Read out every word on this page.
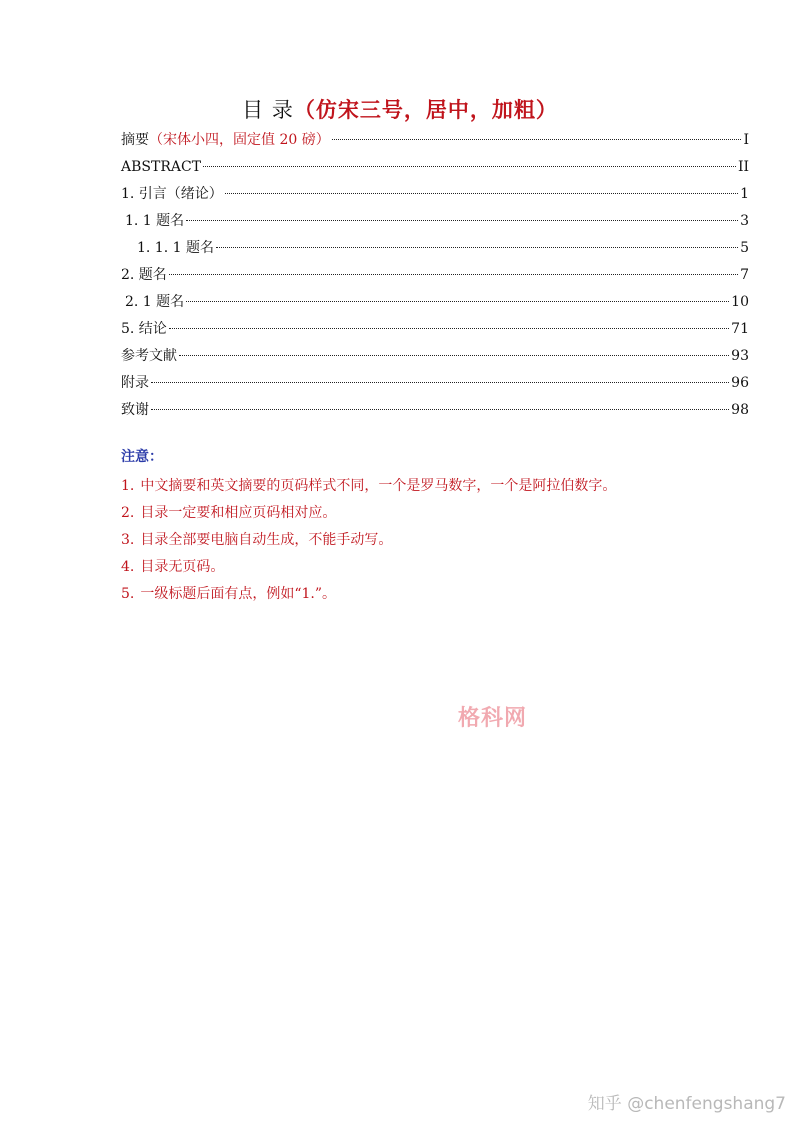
目 录（仿宋三号，居中，加粗）
摘要（宋体小四，固定值 20 磅）	I
ABSTRACT	II
1. 引言（绪论）	1
1. 1 题名	3
1. 1. 1 题名	5
2. 题名	7
2. 1 题名	10
5. 结论	71
参考文献	93
附录	96
致谢	98
注意：
1. 中文摘要和英文摘要的页码样式不同，一个是罗马数字，一个是阿拉伯数字。
2. 目录一定要和相应页码相对应。
3. 目录全部要电脑自动生成，不能手动写。
4. 目录无页码。
5. 一级标题后面有点，例如“1.”。
格科网
知乎 @chenfengshang7
